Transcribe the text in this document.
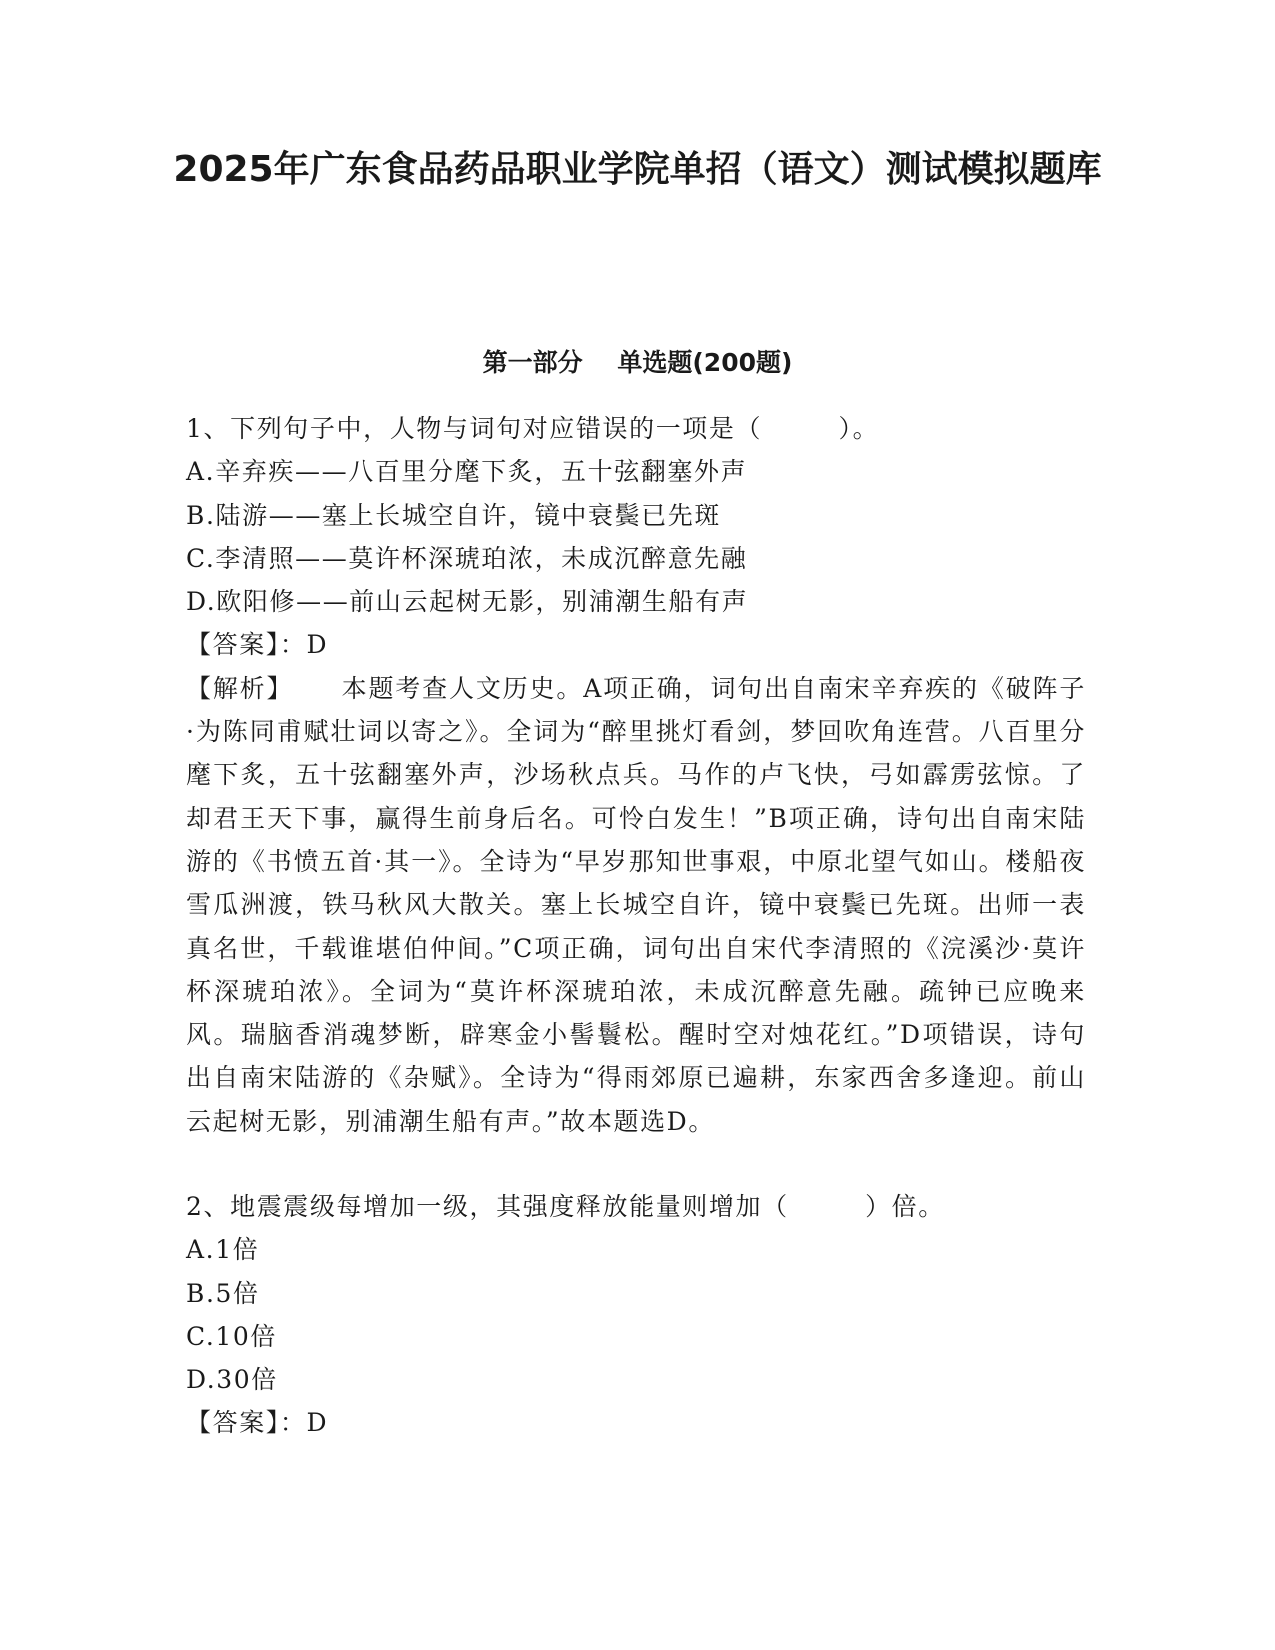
2025年广东食品药品职业学院单招（语文）测试模拟题库
第一部分    单选题(200题)

1、下列句子中，人物与词句对应错误的一项是（        ）。

A.辛弃疾——八百里分麾下炙，五十弦翻塞外声

B.陆游——塞上长城空自许，镜中衰鬓已先斑

C.李清照——莫许杯深琥珀浓，未成沉醉意先融

D.欧阳修——前山云起树无影，别浦潮生船有声

【答案】：D

【解析】 本题考查人文历史。A项正确，词句出自南宋辛弃疾的《破阵子·为陈同甫赋壮词以寄之》。全词为“醉里挑灯看剑，梦回吹角连营。八百里分麾下炙，五十弦翻塞外声，沙场秋点兵。马作的卢飞快，弓如霹雳弦惊。了却君王天下事，赢得生前身后名。可怜白发生！”B项正确，诗句出自南宋陆游的《书愤五首·其一》。全诗为“早岁那知世事艰，中原北望气如山。楼船夜雪瓜洲渡，铁马秋风大散关。塞上长城空自许，镜中衰鬓已先斑。出师一表真名世，千载谁堪伯仲间。”C项正确，词句出自宋代李清照的《浣溪沙·莫许杯深琥珀浓》。全词为“莫许杯深琥珀浓，未成沉醉意先融。疏钟已应晚来风。瑞脑香消魂梦断，辟寒金小髻鬟松。醒时空对烛花红。”D项错误，诗句出自南宋陆游的《杂赋》。全诗为“得雨郊原已遍耕，东家西舍多逢迎。前山云起树无影，别浦潮生船有声。”故本题选D。

2、地震震级每增加一级，其强度释放能量则增加（        ）倍。

A.1倍

B.5倍

C.10倍

D.30倍

【答案】：D
